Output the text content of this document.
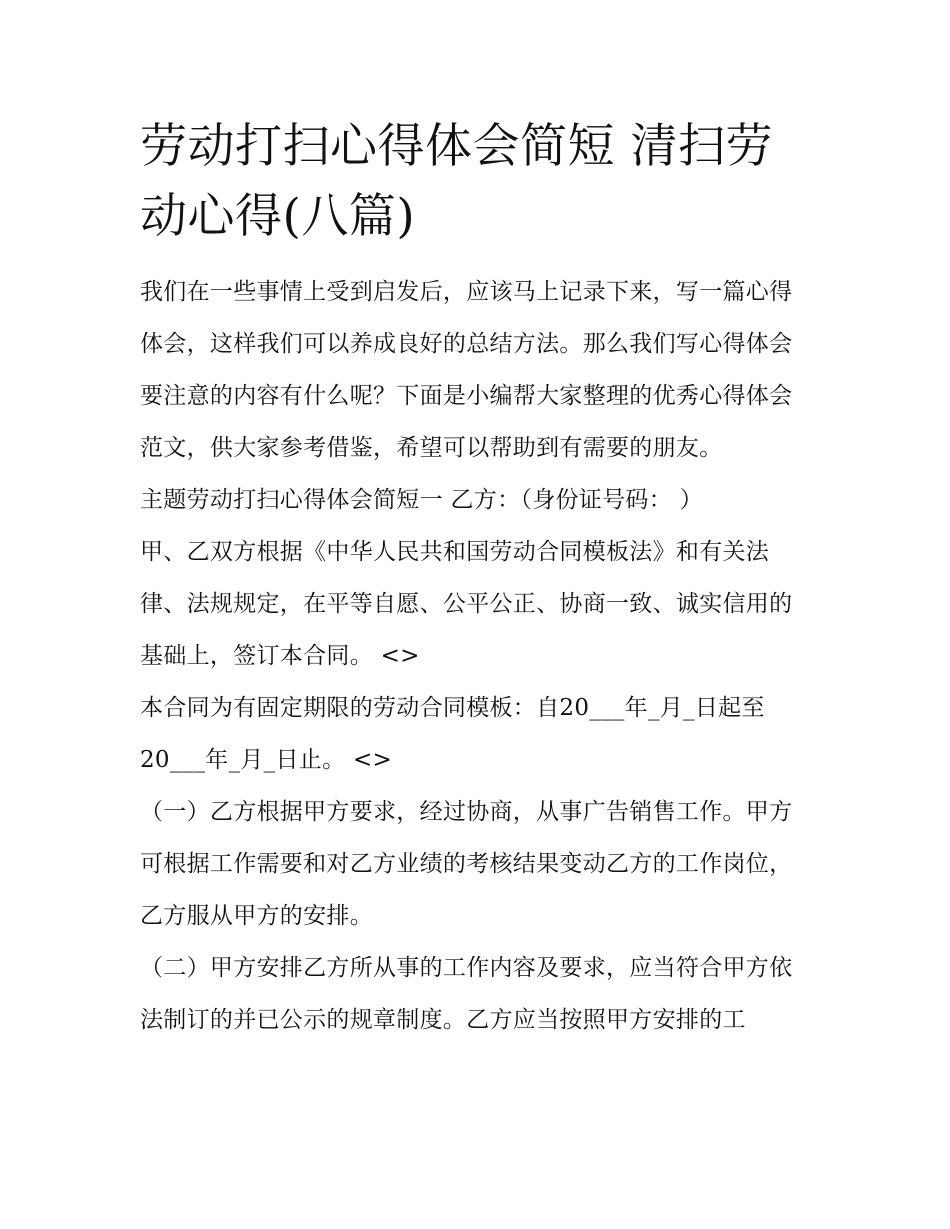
劳动打扫心得体会简短 清扫劳动心得(八篇)

我们在一些事情上受到启发后，应该马上记录下来，写一篇心得体会，这样我们可以养成良好的总结方法。那么我们写心得体会要注意的内容有什么呢？下面是小编帮大家整理的优秀心得体会范文，供大家参考借鉴，希望可以帮助到有需要的朋友。

主题劳动打扫心得体会简短一 乙方：（身份证号码： ）

甲、乙双方根据《中华人民共和国劳动合同模板法》和有关法律、法规规定，在平等自愿、公平公正、协商一致、诚实信用的基础上，签订本合同。 <>

本合同为有固定期限的劳动合同模板：自20___年_月_日起至20___年_月_日止。 <>

（一）乙方根据甲方要求，经过协商，从事广告销售工作。甲方可根据工作需要和对乙方业绩的考核结果变动乙方的工作岗位，乙方服从甲方的安排。

（二）甲方安排乙方所从事的工作内容及要求，应当符合甲方依法制订的并已公示的规章制度。乙方应当按照甲方安排的工
